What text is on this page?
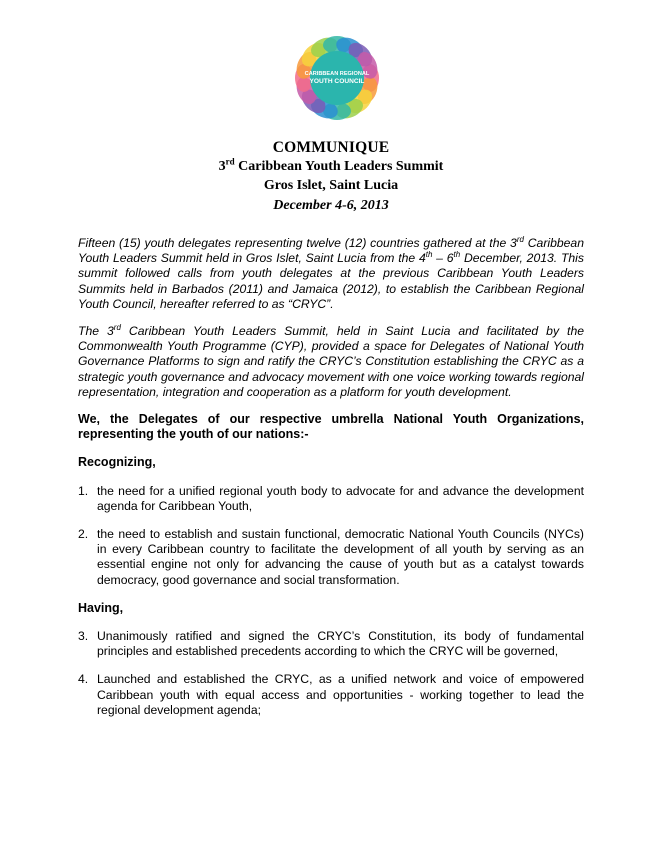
CARIBBEAN REGIONAL
YOUTH COUNCIL
COMMUNIQUE
3rd Caribbean Youth Leaders Summit
Gros Islet, Saint Lucia
December 4-6, 2013

Fifteen (15) youth delegates representing twelve (12) countries gathered at the 3rd Caribbean Youth Leaders Summit held in Gros Islet, Saint Lucia from the 4th – 6th December, 2013. This summit followed calls from youth delegates at the previous Caribbean Youth Leaders Summits held in Barbados (2011) and Jamaica (2012), to establish the Caribbean Regional Youth Council, hereafter referred to as “CRYC”.

The 3rd Caribbean Youth Leaders Summit, held in Saint Lucia and facilitated by the Commonwealth Youth Programme (CYP), provided a space for Delegates of National Youth Governance Platforms to sign and ratify the CRYC’s Constitution establishing the CRYC as a strategic youth governance and advocacy movement with one voice working towards regional representation, integration and cooperation as a platform for youth development.

We, the Delegates of our respective umbrella National Youth Organizations, representing the youth of our nations:-

Recognizing,
1. the need for a unified regional youth body to advocate for and advance the development agenda for Caribbean Youth,
2. the need to establish and sustain functional, democratic National Youth Councils (NYCs) in every Caribbean country to facilitate the development of all youth by serving as an essential engine not only for advancing the cause of youth but as a catalyst towards democracy, good governance and social transformation.
Having,
3. Unanimously ratified and signed the CRYC’s Constitution, its body of fundamental principles and established precedents according to which the CRYC will be governed,
4. Launched and established the CRYC, as a unified network and voice of empowered Caribbean youth with equal access and opportunities - working together to lead the regional development agenda;
